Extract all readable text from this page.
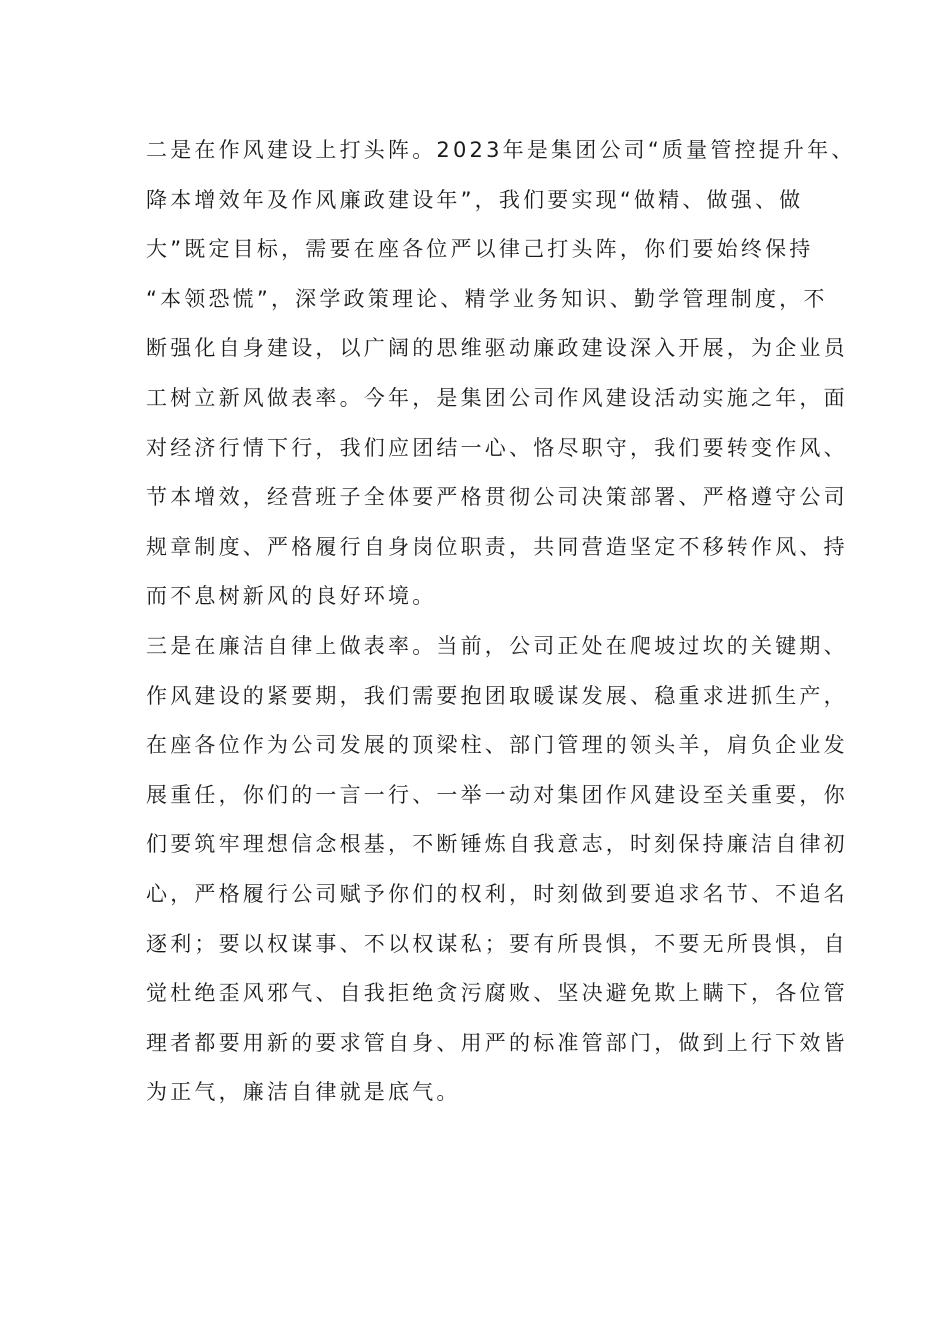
二是在作风建设上打头阵。2023年是集团公司“质量管控提升年、
降本增效年及作风廉政建设年”，我们要实现“做精、做强、做
大”既定目标，需要在座各位严以律己打头阵，你们要始终保持
“本领恐慌”，深学政策理论、精学业务知识、勤学管理制度，不
断强化自身建设，以广阔的思维驱动廉政建设深入开展，为企业员
工树立新风做表率。今年，是集团公司作风建设活动实施之年，面
对经济行情下行，我们应团结一心、恪尽职守，我们要转变作风、
节本增效，经营班子全体要严格贯彻公司决策部署、严格遵守公司
规章制度、严格履行自身岗位职责，共同营造坚定不移转作风、持
而不息树新风的良好环境。
三是在廉洁自律上做表率。当前，公司正处在爬坡过坎的关键期、
作风建设的紧要期，我们需要抱团取暖谋发展、稳重求进抓生产，
在座各位作为公司发展的顶梁柱、部门管理的领头羊，肩负企业发
展重任，你们的一言一行、一举一动对集团作风建设至关重要，你
们要筑牢理想信念根基，不断锤炼自我意志，时刻保持廉洁自律初
心，严格履行公司赋予你们的权利，时刻做到要追求名节、不追名
逐利；要以权谋事、不以权谋私；要有所畏惧，不要无所畏惧，自
觉杜绝歪风邪气、自我拒绝贪污腐败、坚决避免欺上瞒下，各位管
理者都要用新的要求管自身、用严的标准管部门，做到上行下效皆
为正气，廉洁自律就是底气。
